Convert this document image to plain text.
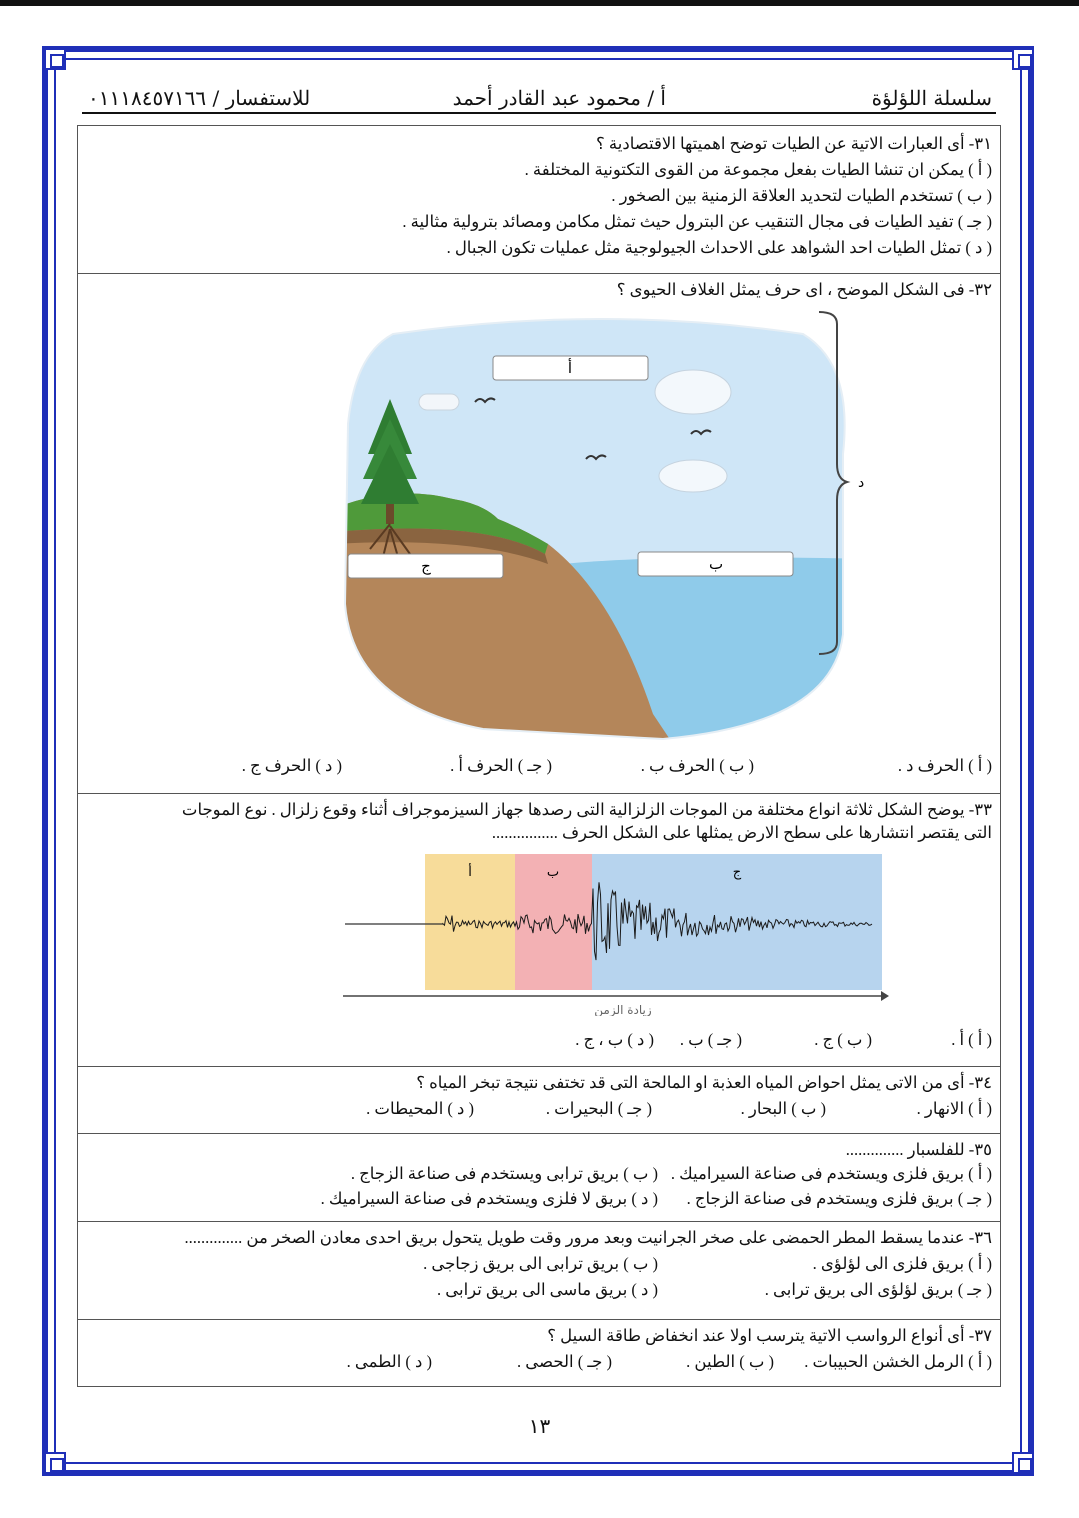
سلسلة اللؤلؤة
أ / محمود عبد القادر أحمد
للاستفسار / ٠١١١٨٤٥٧١٦٦
٣١- أى العبارات الاتية عن الطيات توضح اهميتها الاقتصادية ؟
( أ ) يمكن ان تنشا الطيات بفعل مجموعة من القوى التكتونية المختلفة .
( ب ) تستخدم الطيات لتحديد العلاقة الزمنية بين الصخور .
( جـ ) تفيد الطيات فى مجال التنقيب عن البترول حيث تمثل مكامن ومصائد بترولية مثالية .
( د ) تمثل الطيات احد الشواهد على الاحداث الجيولوجية مثل عمليات تكون الجبال .
٣٢- فى الشكل الموضح ، اى حرف يمثل الغلاف الحيوى ؟
أ
ب
ج
د
( أ ) الحرف د .
( ب ) الحرف ب .
( جـ ) الحرف أ .
( د ) الحرف ج .
٣٣- يوضح الشكل ثلاثة انواع مختلفة من الموجات الزلزالية التى رصدها جهاز السيزموجراف أثناء وقوع زلزال . نوع الموجات
التى يقتصر انتشارها على سطح الارض يمثلها على الشكل الحرف ................
أ	ب	ج
زيادة الزمن
( أ ) أ .
( ب ) ج .
( جـ ) ب .
( د ) ب ، ج .
٣٤- أى من الاتى يمثل احواض المياه العذبة او المالحة التى قد تختفى نتيجة تبخر المياه ؟
( أ ) الانهار .
( ب ) البحار .
( جـ ) البحيرات .
( د ) المحيطات .
٣٥- للفلسبار ..............
( أ ) بريق فلزى ويستخدم فى صناعة السيراميك .
( ب ) بريق ترابى ويستخدم فى صناعة الزجاج .
( جـ ) بريق فلزى ويستخدم فى صناعة الزجاج .
( د ) بريق لا فلزى ويستخدم فى صناعة السيراميك .
٣٦- عندما يسقط المطر الحمضى على صخر الجرانيت وبعد مرور وقت طويل يتحول بريق احدى معادن الصخر من ..............
( أ ) بريق فلزى الى لؤلؤى .
( ب ) بريق ترابى الى بريق زجاجى .
( جـ ) بريق لؤلؤى الى بريق ترابى .
( د ) بريق ماسى الى بريق ترابى .
٣٧- أى أنواع الرواسب الاتية يترسب اولا عند انخفاض طاقة السيل ؟
( أ ) الرمل الخشن الحبيبات .
( ب ) الطين .
( جـ ) الحصى .
( د ) الطمى .
١٣
